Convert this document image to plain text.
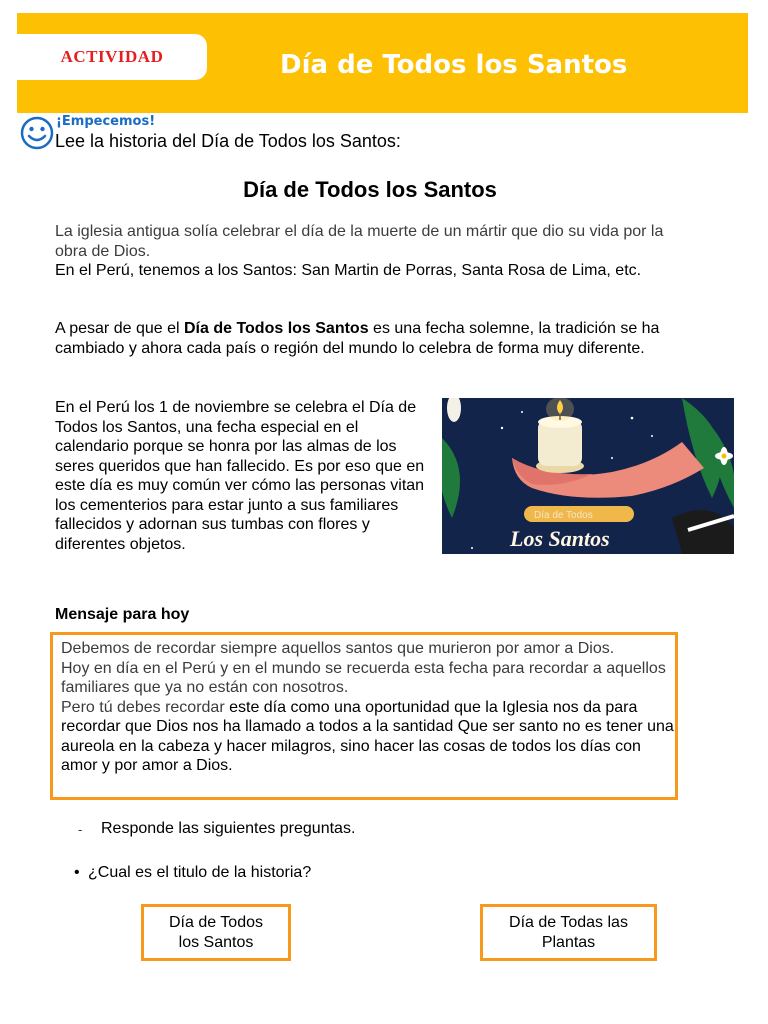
ACTIVIDAD	Día de Todos los Santos
¡Empecemos!
Lee la historia del Día de Todos los Santos:
Día de Todos los Santos
La iglesia antigua solía celebrar el día de la muerte de un mártir que dio su vida por la obra de Dios.
En el Perú, tenemos a los Santos: San Martin de Porras, Santa Rosa de Lima, etc.
A pesar de que el Día de Todos los Santos es una fecha solemne, la tradición se ha cambiado y ahora cada país o región del mundo lo celebra de forma muy diferente.
En el Perú los 1 de noviembre se celebra el Día de Todos los Santos, una fecha especial en el calendario porque se honra por las almas de los seres queridos que han fallecido. Es por eso que en este día es muy común ver cómo las personas vitan los cementerios para estar junto a sus familiares fallecidos y adornan sus tumbas con flores y diferentes objetos.
Día de Todos
Los Santos
Mensaje para hoy

Debemos de recordar siempre aquellos santos que murieron por amor a Dios.

Hoy en día en el Perú y en el mundo se recuerda esta fecha para recordar a aquellos familiares que ya no están con nosotros.

Pero tú debes recordar este día como una oportunidad que la Iglesia nos da para recordar que Dios nos ha llamado a todos a la santidad Que ser santo no es tener una aureola en la cabeza y hacer milagros, sino hacer las cosas de todos los días con amor y por amor a Dios.

- Responde las siguientes preguntas.
• ¿Cual es el titulo de la historia?
Día de Todos los Santos
Día de Todas las Plantas
